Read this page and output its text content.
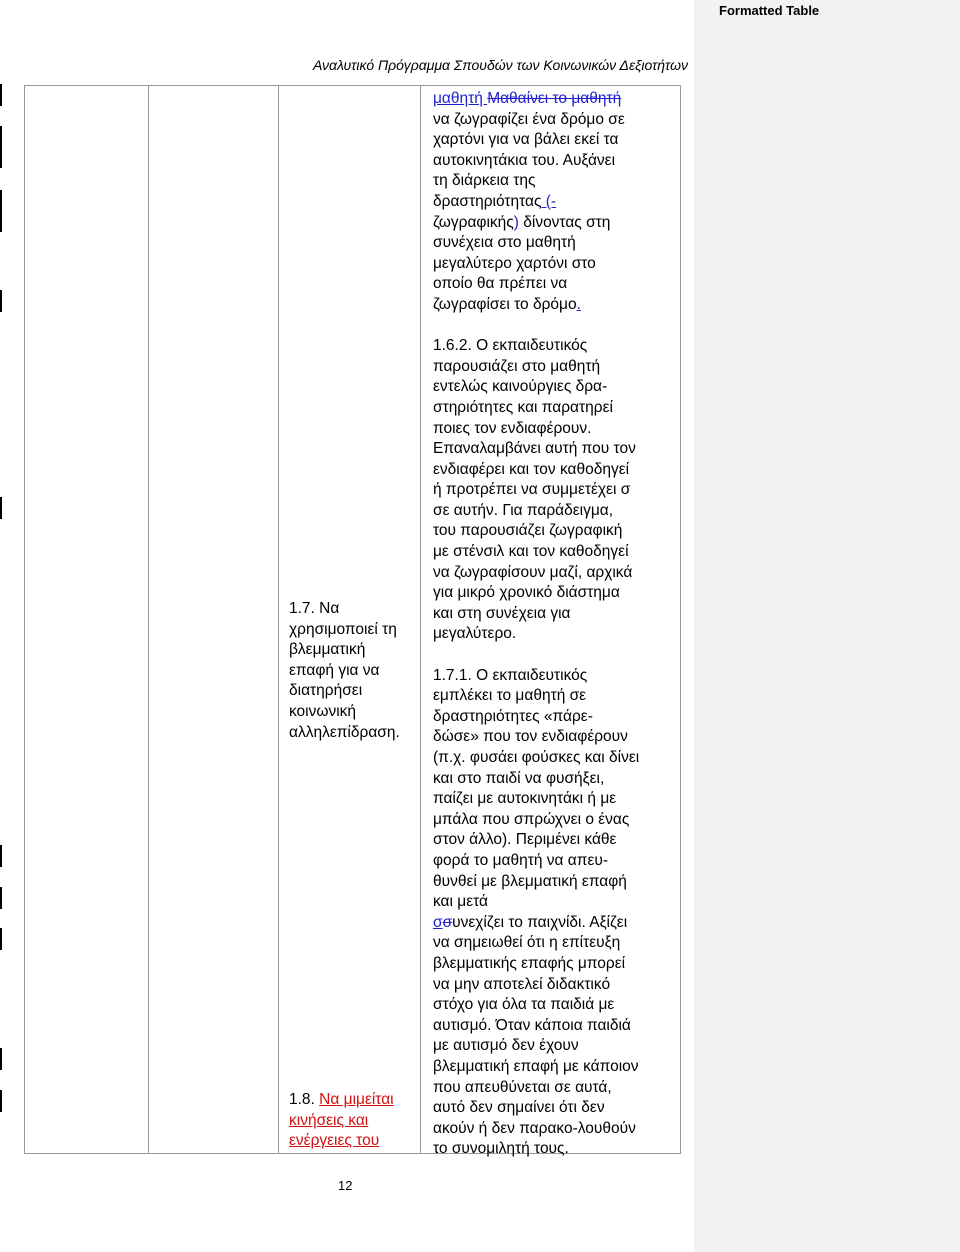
Formatted Table
Αναλυτικό Πρόγραμμα Σπουδών των Κοινωνικών Δεξιοτήτων
1.7. Να
χρησιμοποιεί τη
βλεμματική
επαφή για να
διατηρήσει
κοινωνική
αλληλεπίδραση.
1.8. Να μιμείται
κινήσεις και
ενέργειες του
μαθητή Μαθαίνει το μαθητή
να ζωγραφίζει ένα δρόμο σε
χαρτόνι για να βάλει εκεί τα
αυτοκινητάκια του. Αυξάνει
τη διάρκεια της
δραστηριότητας (-
ζωγραφικής) δίνοντας στη
συνέχεια στο μαθητή
μεγαλύτερο χαρτόνι στο
οποίο θα πρέπει να
ζωγραφίσει το δρόμο.
1.6.2. Ο εκπαιδευτικός
παρουσιάζει στο μαθητή
εντελώς καινούργιες δρα-
στηριότητες και παρατηρεί
ποιες τον ενδιαφέρουν.
Επαναλαμβάνει αυτή που τον
ενδιαφέρει και τον καθοδηγεί
ή προτρέπει να συμμετέχει σ
σε αυτήν. Για παράδειγμα,
του παρουσιάζει ζωγραφική
με στένσιλ και τον καθοδηγεί
να ζωγραφίσουν μαζί, αρχικά
για μικρό χρονικό διάστημα
και στη συνέχεια για
μεγαλύτερο.
1.7.1. Ο εκπαιδευτικός
εμπλέκει το μαθητή σε
δραστηριότητες «πάρε-
δώσε» που τον ενδιαφέρουν
(π.χ. φυσάει φούσκες και δίνει
και στο παιδί να φυσήξει,
παίζει με αυτοκινητάκι ή με
μπάλα που σπρώχνει ο ένας
στον άλλο). Περιμένει κάθε
φορά το μαθητή να απευ-
θυνθεί με βλεμματική επαφή
και μετά
σσυνεχίζει το παιχνίδι. Αξίζει
να σημειωθεί ότι η επίτευξη
βλεμματικής επαφής μπορεί
να μην αποτελεί διδακτικό
στόχο για όλα τα παιδιά με
αυτισμό. Όταν κάποια παιδιά
με αυτισμό δεν έχουν
βλεμματική επαφή με κάποιον
που απευθύνεται σε αυτά,
αυτό δεν σημαίνει ότι δεν
ακούν ή δεν παρακο-λουθούν
το συνομιλητή τους.
12
